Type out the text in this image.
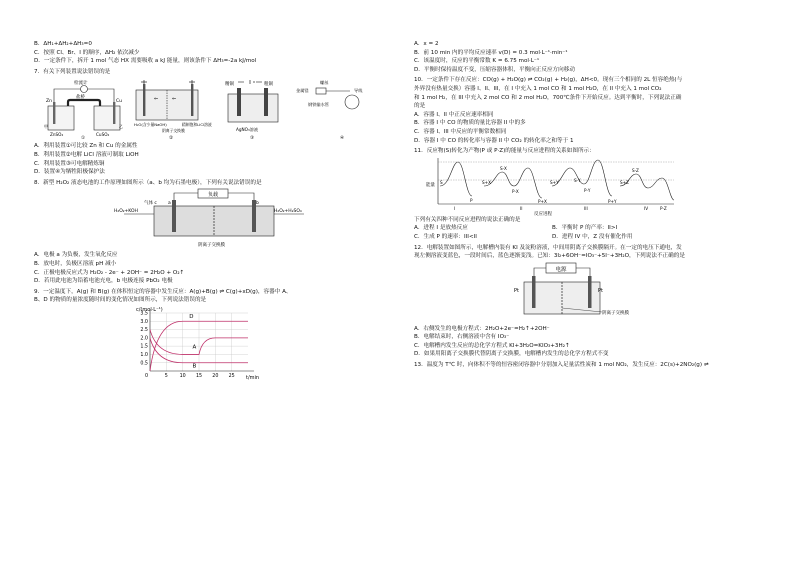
B．ΔH₁+ΔH₂+ΔH₃=0
C．按照 Cl、Br、I 的顺序，ΔH₂ 依次减少
D．一定条件下，拆开 1 mol 气态 HX 需要吸收 a kJ 能量，则该条件下 ΔH₃=-2a kJ/mol
7．有关下列装置说法错误的是
检流计
盐桥
Zn	Cu
甲	乙
ZnSO₄	CuSO₄
①
⇐	⇐
H₂O(含少量NaOH)
阴离子交换膜
精制饱和LiCl溶液
②
精铜	粗铜
AgNO₃溶液
③
螺丝
金属镁	导线
钢铁输水管
④
A．利用装置①可比较 Zn 和 Cu 的金属性
B．利用装置②电解 LiCl 溶液可制取 LiOH
C．利用装置③可电解精炼铜
D．装置④为牺牲阳极保护法
8．新型 H₂O₂ 液态电池的工作原理如图所示（a、b 均为石墨电极），下列有关说法错误的是
负载
气体 c a	b
H₂O₂+KOH	H₂O₂+H₂SO₄
阴离子交换膜
A．电极 a 为负极，发生氧化反应
B．放电时，负极区溶液 pH 减小
C．正极电极反应式为 H₂O₂ - 2e⁻ + 2OH⁻ = 2H₂O + O₂↑
D．若用此电池为铅蓄电池充电，b 电极连接 PbO₂ 电极
9．一定温度下，A(g) 和 B(g) 在体积恒定的容器中发生反应：A(g)+B(g) ⇌ C(g)+xD(g)，容器中 A、
B、D 的物质的量浓度随时间的变化情况如图所示，下列说法错误的是
c/(mol·L⁻¹)
t/min
0.5
1.0
1.5
2.0
2.5
3.0
3.5
5 10 15 20 25
0
D
A
B
A．x = 2
B．前 10 min 内的平均反应速率 v(D) = 0.3 mol·L⁻¹·min⁻¹
C．该温度时，反应的平衡常数 K = 6.75 mol·L⁻¹
D．平衡时保持温度不变，压缩容器体积，平衡向正反应方向移动
10．一定条件下存在反应：CO(g) + H₂O(g) ⇌ CO₂(g) + H₂(g)，ΔH<0。现有三个相同的 2L 恒容绝热(与
外界没有热量交换）容器 I、II、III，在 I 中充入 1 mol CO 和 1 mol H₂O，在 II 中充入 1 mol CO₂
和 1 mol H₂，在 III 中充入 2 mol CO 和 2 mol H₂O，700℃条件下开始反应。达到平衡时，下列说法正确
的是
A．容器 I、II 中正反应速率相同
B．容器 I 中 CO 的物质的量比容器 II 中的多
C．容器 I、III 中反应的平衡常数相同
D．容器 I 中 CO 的转化率与容器 II 中 CO₂ 的转化率之和等于 1
11．反应物(S)转化为产物(P 或 P·Z)的能量与反应进程的关系如图所示：
能量
S	S+X
S·X
P·X
S+Y	S·Y
P·Y
S+Z
S·Z
P·Z
P+X	P+Y
P
I	II	III	IV
反应进程
下列有关四种不同反应进程的说法正确的是
A．进程 I 是放热反应	B．平衡时 P 的产率：II>I
C．生成 P 的速率：III<II	D．进程 IV 中，Z 没有催化作用
12．电解装置如图所示，电解槽内装有 KI 及淀粉溶液，中间用阴离子交换膜隔开。在一定的电压下通电，发
现左侧溶液变蓝色，一段时间后，蓝色逐渐变浅。已知：3I₂+6OH⁻=IO₃⁻+5I⁻+3H₂O，下列说法不正确的是
电源
Pt	Pt
阴离子交换膜
A．右侧发生的电极方程式：2H₂O+2e⁻=H₂↑+2OH⁻
B．电解结束时，右侧溶液中含有 IO₃⁻
C．电解槽内发生反应的总化学方程式 KI+3H₂O=KIO₃+3H₂↑
D．如果用阳离子交换膜代替阴离子交换膜，电解槽内发生的总化学方程式不变
13．温度为 T℃ 时，向体积不等的恒容密闭容器中分别加入足量活性炭和 1 mol NO₂，发生反应：2C(s)+2NO₂(g) ⇌
